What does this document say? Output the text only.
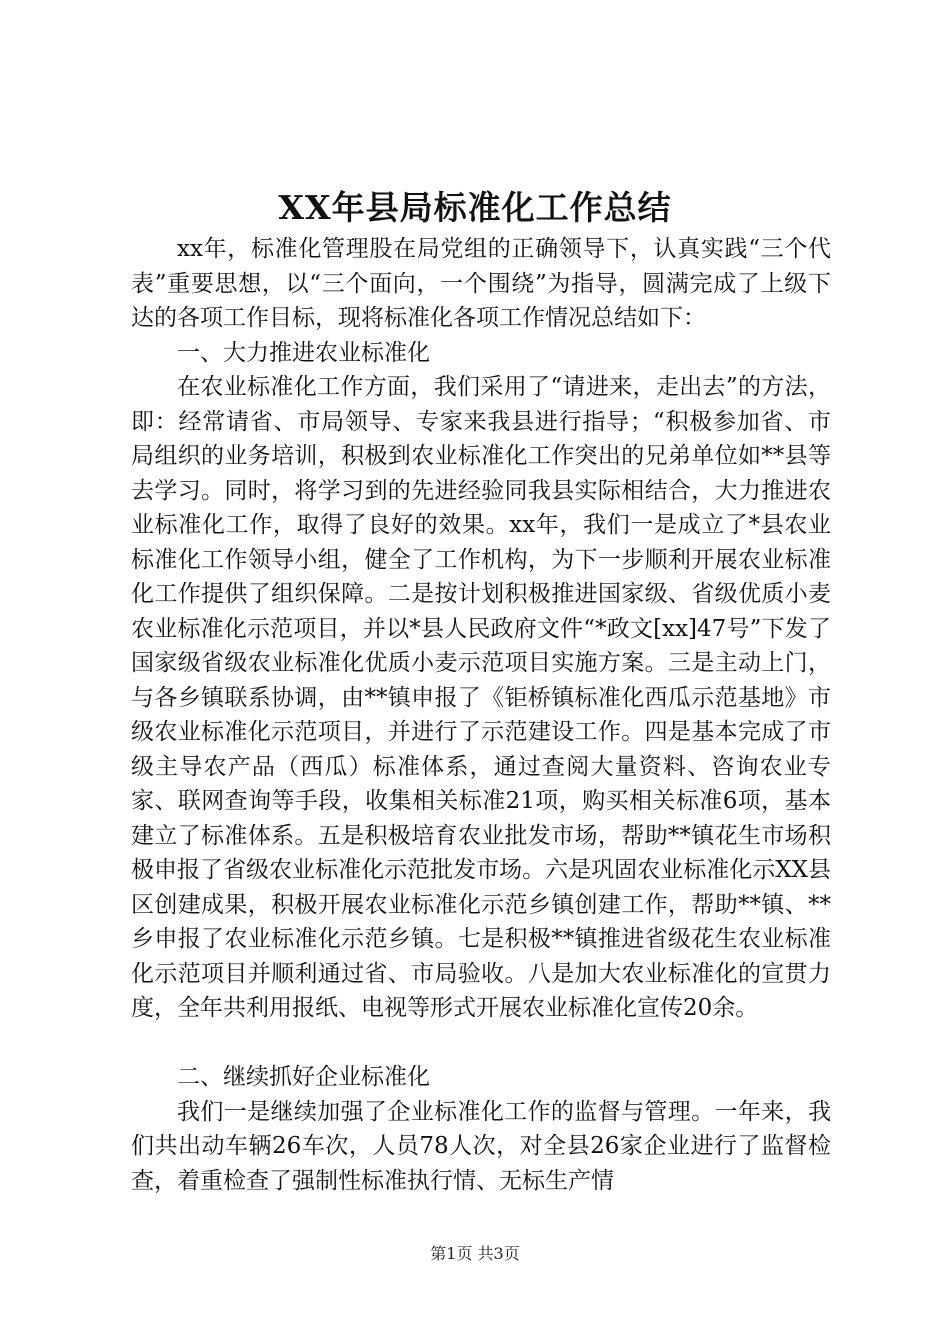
XX年县局标准化工作总结

xx年，标准化管理股在局党组的正确领导下，认真实践“三个代表”重要思想，以“三个面向，一个围绕”为指导，圆满完成了上级下达的各项工作目标，现将标准化各项工作情况总结如下：

一、大力推进农业标准化

在农业标准化工作方面，我们采用了“请进来，走出去”的方法，即：经常请省、市局领导、专家来我县进行指导；“积极参加省、市局组织的业务培训，积极到农业标准化工作突出的兄弟单位如**县等去学习。同时，将学习到的先进经验同我县实际相结合，大力推进农业标准化工作，取得了良好的效果。xx年，我们一是成立了*县农业标准化工作领导小组，健全了工作机构，为下一步顺利开展农业标准化工作提供了组织保障。二是按计划积极推进国家级、省级优质小麦农业标准化示范项目，并以*县人民政府文件“*政文[xx]47号”下发了国家级省级农业标准化优质小麦示范项目实施方案。三是主动上门，与各乡镇联系协调，由**镇申报了《钜桥镇标准化西瓜示范基地》市级农业标准化示范项目，并进行了示范建设工作。四是基本完成了市级主导农产品（西瓜）标准体系，通过查阅大量资料、咨询农业专家、联网查询等手段，收集相关标准21项，购买相关标准6项，基本建立了标准体系。五是积极培育农业批发市场，帮助**镇花生市场积极申报了省级农业标准化示范批发市场。六是巩固农业标准化示XX县区创建成果，积极开展农业标准化示范乡镇创建工作，帮助**镇、**乡申报了农业标准化示范乡镇。七是积极**镇推进省级花生农业标准化示范项目并顺利通过省、市局验收。八是加大农业标准化的宣贯力度，全年共利用报纸、电视等形式开展农业标准化宣传20余。

二、继续抓好企业标准化

我们一是继续加强了企业标准化工作的监督与管理。一年来，我们共出动车辆26车次，人员78人次，对全县26家企业进行了监督检查，着重检查了强制性标准执行情、无标生产情

第1页 共3页
